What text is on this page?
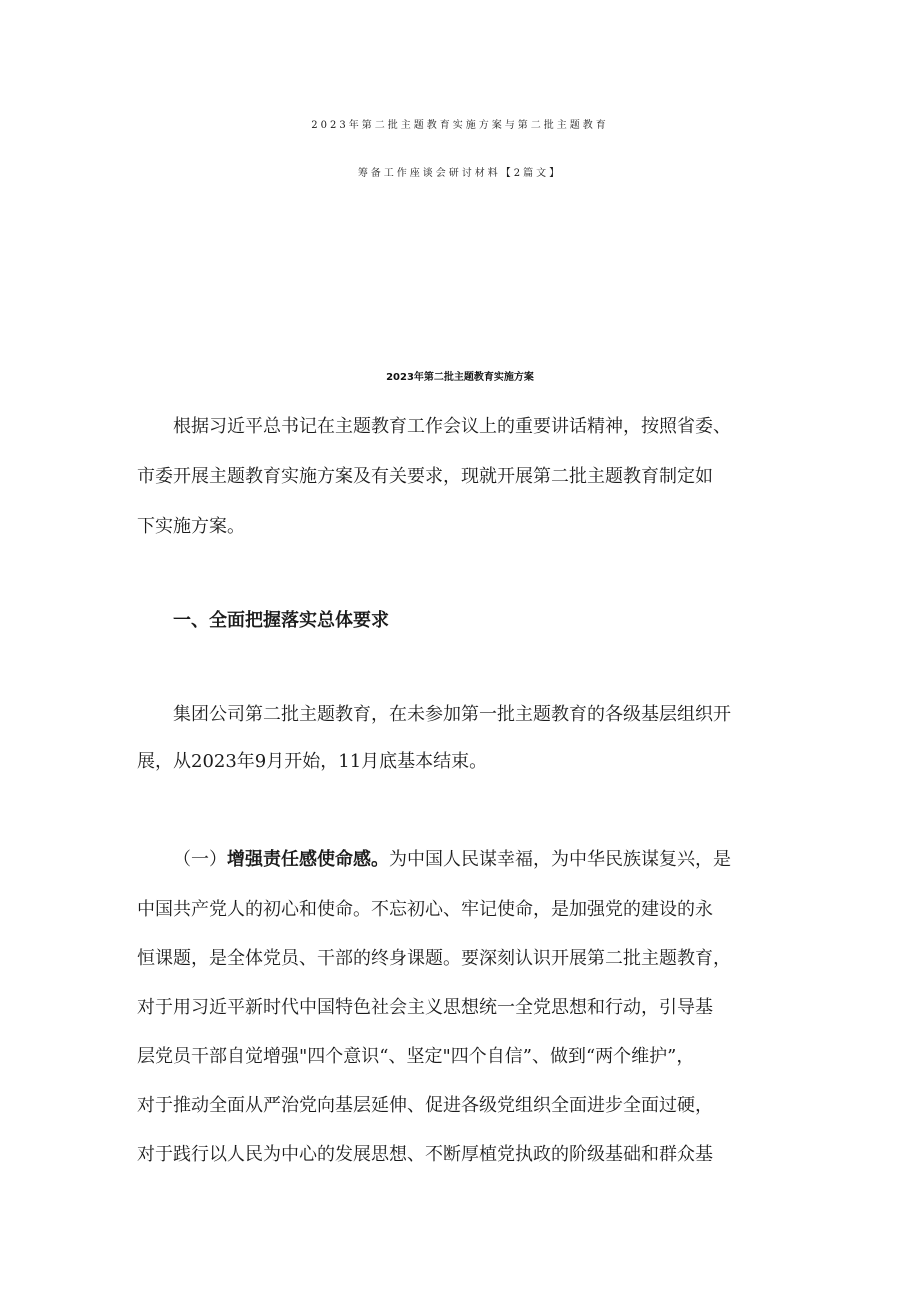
2023年第二批主题教育实施方案与第二批主题教育
筹备工作座谈会研讨材料【2篇文】
2023年第二批主题教育实施方案
根据习近平总书记在主题教育工作会议上的重要讲话精神，按照省委、
市委开展主题教育实施方案及有关要求，现就开展第二批主题教育制定如
下实施方案。
一、全面把握落实总体要求
集团公司第二批主题教育，在未参加第一批主题教育的各级基层组织开
展，从2023年9月开始，11月底基本结束。
（一）增强责任感使命感。为中国人民谋幸福，为中华民族谋复兴，是
中国共产党人的初心和使命。不忘初心、牢记使命，是加强党的建设的永
恒课题，是全体党员、干部的终身课题。要深刻认识开展第二批主题教育，
对于用习近平新时代中国特色社会主义思想统一全党思想和行动，引导基
层党员干部自觉增强"四个意识“、坚定"四个自信”、做到“两个维护”，
对于推动全面从严治党向基层延伸、促进各级党组织全面进步全面过硬，
对于践行以人民为中心的发展思想、不断厚植党执政的阶级基础和群众基
